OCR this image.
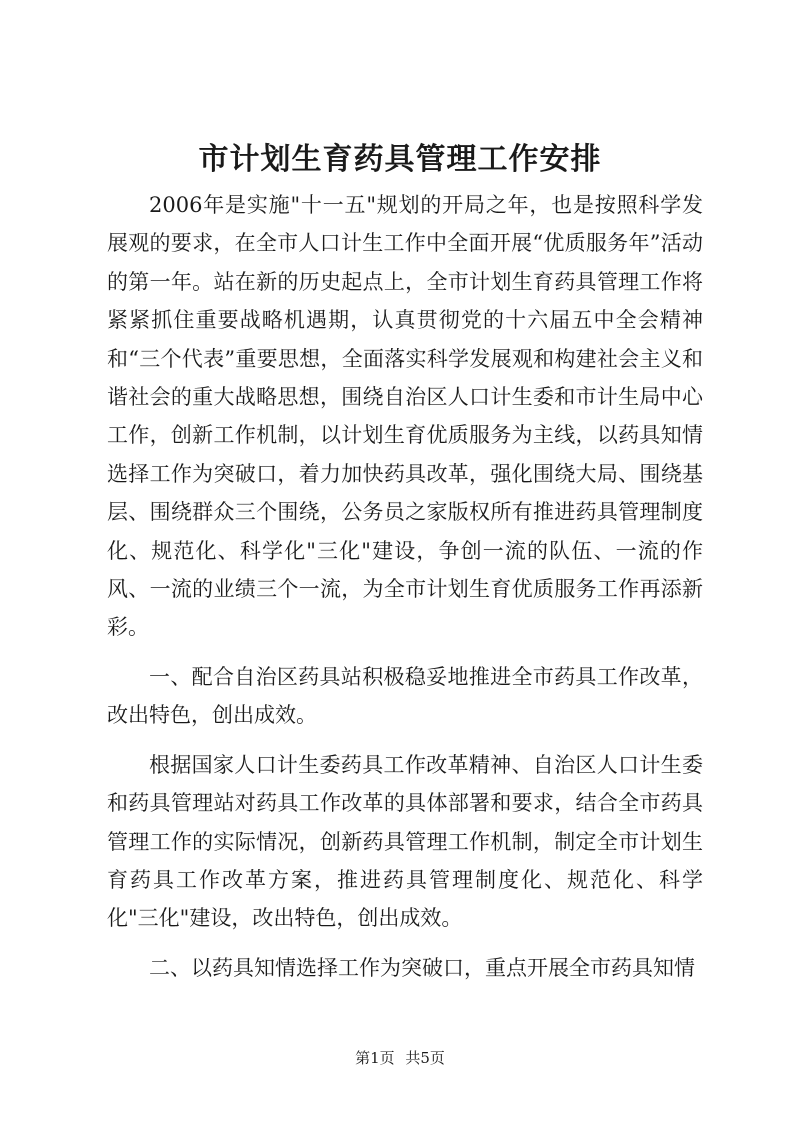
市计划生育药具管理工作安排

2006年是实施"十一五"规划的开局之年，也是按照科学发展观的要求，在全市人口计生工作中全面开展“优质服务年”活动的第一年。站在新的历史起点上，全市计划生育药具管理工作将紧紧抓住重要战略机遇期，认真贯彻党的十六届五中全会精神和“三个代表”重要思想，全面落实科学发展观和构建社会主义和谐社会的重大战略思想，围绕自治区人口计生委和市计生局中心工作，创新工作机制，以计划生育优质服务为主线，以药具知情选择工作为突破口，着力加快药具改革，强化围绕大局、围绕基层、围绕群众三个围绕，公务员之家版权所有推进药具管理制度化、规范化、科学化"三化"建设，争创一流的队伍、一流的作风、一流的业绩三个一流，为全市计划生育优质服务工作再添新彩。

一、配合自治区药具站积极稳妥地推进全市药具工作改革，改出特色，创出成效。

根据国家人口计生委药具工作改革精神、自治区人口计生委和药具管理站对药具工作改革的具体部署和要求，结合全市药具管理工作的实际情况，创新药具管理工作机制，制定全市计划生育药具工作改革方案，推进药具管理制度化、规范化、科学化"三化"建设，改出特色，创出成效。

二、以药具知情选择工作为突破口，重点开展全市药具知情

第1页 共5页
